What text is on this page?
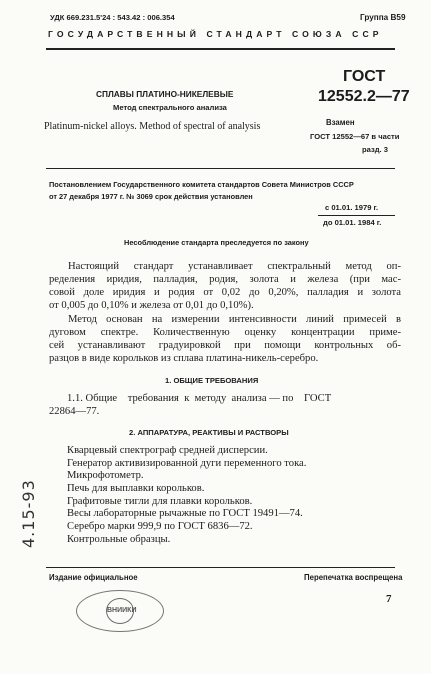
УДК 669.231.5'24 : 543.42 : 006.354	Группа В59
ГОСУДАРСТВЕННЫЙ СТАНДАРТ СОЮЗА ССР
СПЛАВЫ ПЛАТИНО-НИКЕЛЕВЫЕ
Метод спектрального анализа
Platinum-nickel alloys. Method of spectral of analysis
ГОСТ
12552.2—77
Взамен
ГОСТ 12552—67 в части
разд. 3
Постановлением Государственного комитета стандартов Совета Министров СССР
от 27 декабря 1977 г. № 3069 срок действия установлен
с 01.01. 1979 г.
до 01.01. 1984 г.
Несоблюдение стандарта преследуется по закону
Настоящий стандарт устанавливает спектральный метод оп-
ределения иридия, палладия, родия, золота и железа (при мас-
совой доле иридия и родия от 0,02 до 0,20%, палладия и золота
от 0,005 до 0,10% и железа от 0,01 до 0,10%).
Метод основан на измерении интенсивности линий примесей в
дуговом спектре. Количественную оценку концентрации приме-
сей устанавливают градуировкой при помощи контрольных об-
разцов в виде корольков из сплава платина-никель-серебро.
1. ОБЩИЕ ТРЕБОВАНИЯ
1.1. Общие    требования  к  методу  анализа — по    ГОСТ
22864—77.
2. АППАРАТУРА, РЕАКТИВЫ И РАСТВОРЫ
Кварцевый спектрограф средней дисперсии.
Генератор активизированной дуги переменного тока.
Микрофотометр.
Печь для выплавки корольков.
Графитовые тигли для плавки корольков.
Весы лабораторные рычажные по ГОСТ 19491—74.
Серебро марки 999,9 по ГОСТ 6836—72.
Контрольные образцы.
4.15-93
Издание официальное	Перепечатка воспрещена
7
ВНИИКИ
